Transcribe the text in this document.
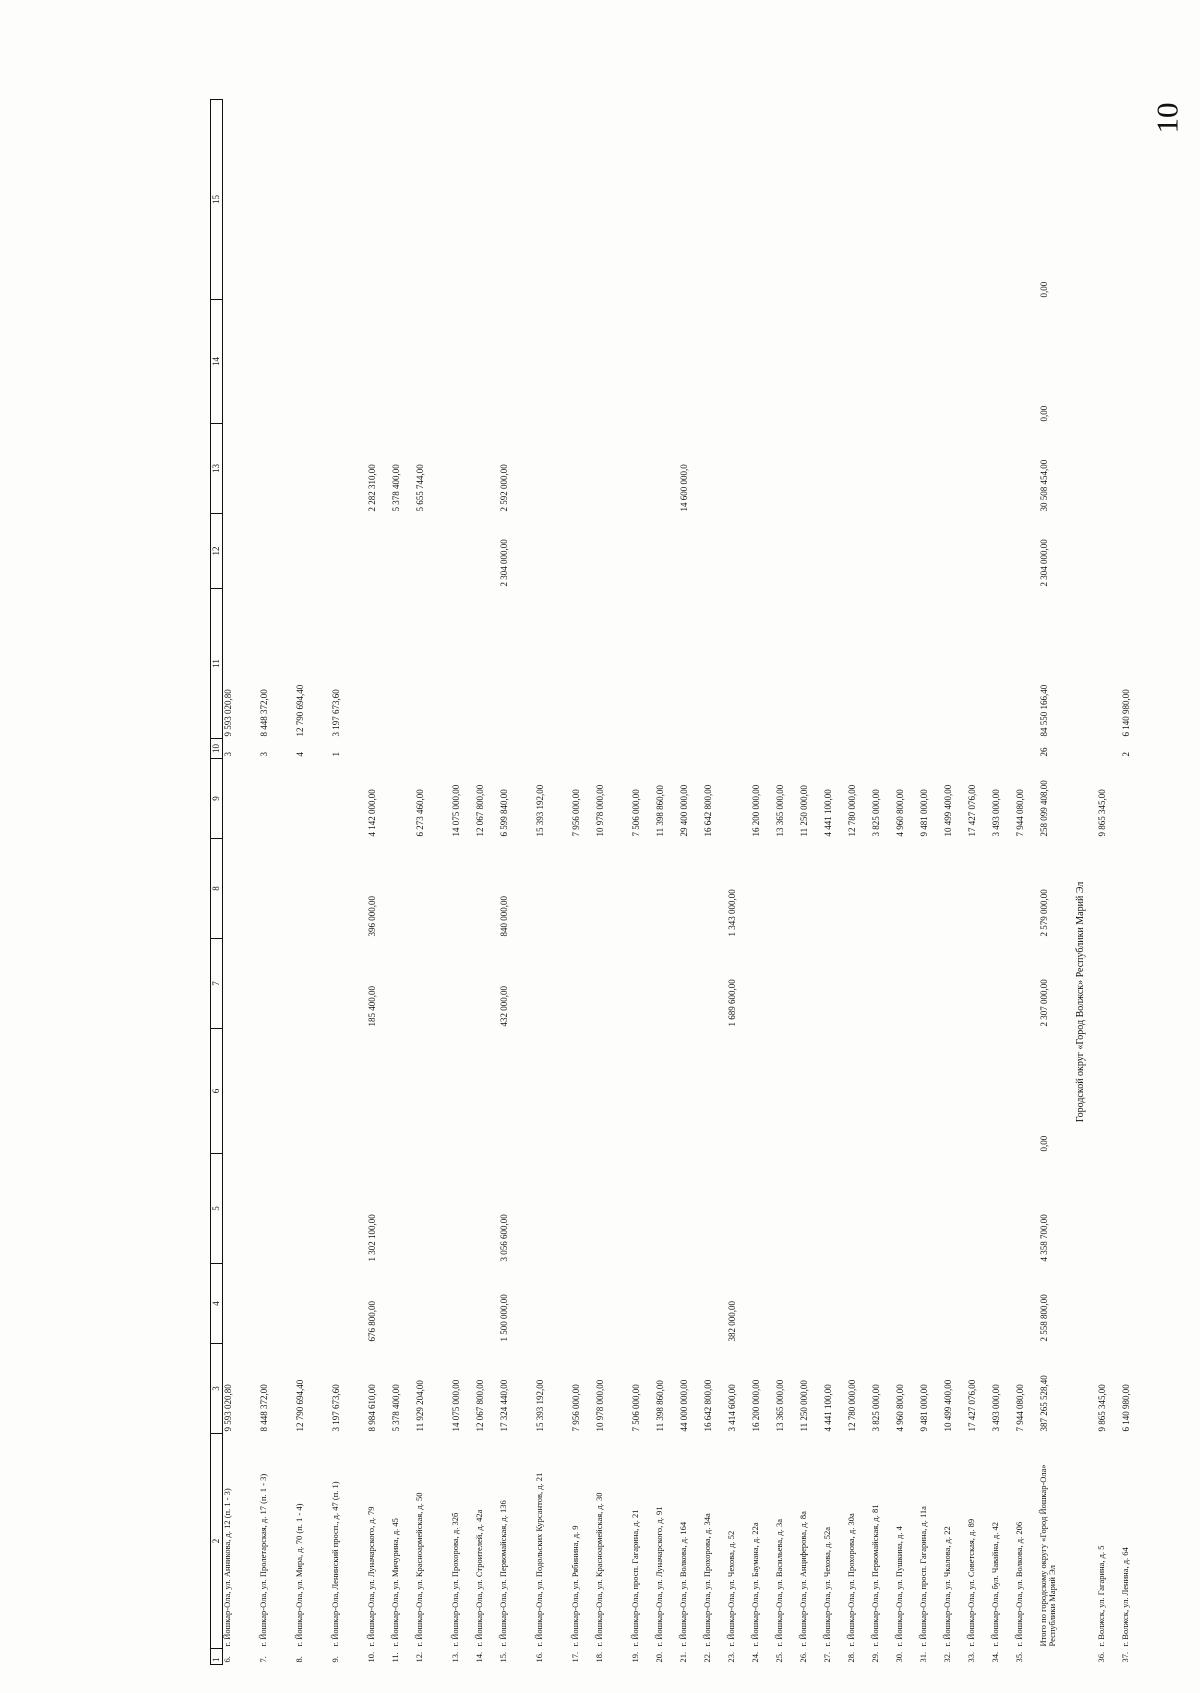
10
1	2	3	4	5	6	7	8	9	10	11	12	13	14	15
6.	г. Йошкар-Ола, ул. Анникова, д. 12 (п. 1 - 3)	9 593 020,80							3	9 593 020,80				
7.	г. Йошкар-Ола, ул. Пролетарская, д. 17 (п. 1 - 3)	8 448 372,00							3	8 448 372,00				
8.	г. Йошкар-Ола, ул. Мира, д. 70 (п. 1 - 4)	12 790 694,40							4	12 790 694,40				
9.	г. Йошкар-Ола, Ленинский просп., д. 47 (п. 1)	3 197 673,60							1	3 197 673,60				
10.	г. Йошкар-Ола, ул. Луначарского, д. 79	8 984 610,00	676 800,00	1 302 100,00		185 400,00	396 000,00	4 142 000,00				2 282 310,00		
11.	г. Йошкар-Ола, ул. Мичурина, д. 45	5 378 400,00										5 378 400,00		
12.	г. Йошкар-Ола, ул. Красноармейская, д. 50	11 929 204,00						6 273 460,00				5 655 744,00		
13.	г. Йошкар-Ола, ул. Прохорова, д. 32б	14 075 000,00						14 075 000,00						
14.	г. Йошкар-Ола, ул. Строителей, д. 42а	12 067 800,00						12 067 800,00						
15.	г. Йошкар-Ола, ул. Первомайская, д. 136	17 324 440,00	1 500 000,00	3 056 600,00		432 000,00	840 000,00	6 599 840,00			2 304 000,00	2 592 000,00		
16.	г. Йошкар-Ола, ул. Подольских Курсантов, д. 21	15 393 192,00						15 393 192,00						
17.	г. Йошкар-Ола, ул. Рябинина, д. 9	7 956 000,00						7 956 000,00						
18.	г. Йошкар-Ола, ул. Красноармейская, д. 30	10 978 000,00						10 978 000,00						
19.	г. Йошкар-Ола, просп. Гагарина, д. 21	7 506 000,00						7 506 000,00						
20.	г. Йошкар-Ола, ул. Луначарского, д. 91	11 398 860,00						11 398 860,00						
21.	г. Йошкар-Ола, ул. Волкова, д. 164	44 000 000,00						29 400 000,00				14 600 000,0		
22.	г. Йошкар-Ола, ул. Прохорова, д. 34а	16 642 800,00						16 642 800,00						
23.	г. Йошкар-Ола, ул. Чехова, д. 52	3 414 600,00	382 000,00			1 689 600,00	1 343 000,00							
24.	г. Йошкар-Ола, ул. Баумана, д. 22а	16 200 000,00						16 200 000,00						
25.	г. Йошкар-Ола, ул. Васильева, д. 3а	13 365 000,00						13 365 000,00						
26.	г. Йошкар-Ола, ул. Анциферова, д. 8а	11 250 000,00						11 250 000,00						
27.	г. Йошкар-Ола, ул. Чехова, д. 52а	4 441 100,00						4 441 100,00						
28.	г. Йошкар-Ола, ул. Прохорова, д. 30а	12 780 000,00						12 780 000,00						
29.	г. Йошкар-Ола, ул. Первомайская, д. 81	3 825 000,00						3 825 000,00						
30.	г. Йошкар-Ола, ул. Пушкина, д. 4	4 960 800,00						4 960 800,00						
31.	г. Йошкар-Ола, просп. Гагарина, д. 11а	9 481 000,00						9 481 000,00						
32.	г. Йошкар-Ола, ул. Чкалова, д. 22	10 499 400,00						10 499 400,00						
33.	г. Йошкар-Ола, ул. Советская, д. 89	17 427 076,00						17 427 076,00						
34.	г. Йошкар-Ола, бул. Чавайна, д. 42	3 493 000,00						3 493 000,00						
35.	г. Йошкар-Ола, ул. Волкова, д. 206	7 944 080,00						7 944 080,00						
	Итого по городскому округу «Город Йошкар-Ола» Республики Марий Эл	387 265 528,40	2 558 800,00	4 358 700,00	0,00	2 307 000,00	2 579 000,00	258 099 408,00	26	84 550 166,40	2 304 000,00	30 508 454,00	0,00	0,00
Городской округ «Город Волжск» Республики Марий Эл														
36.	г. Волжск, ул. Гагарина, д. 5	9 865 345,00						9 865 345,00						
37.	г. Волжск, ул. Ленина, д. 64	6 140 980,00							2	6 140 980,00				
